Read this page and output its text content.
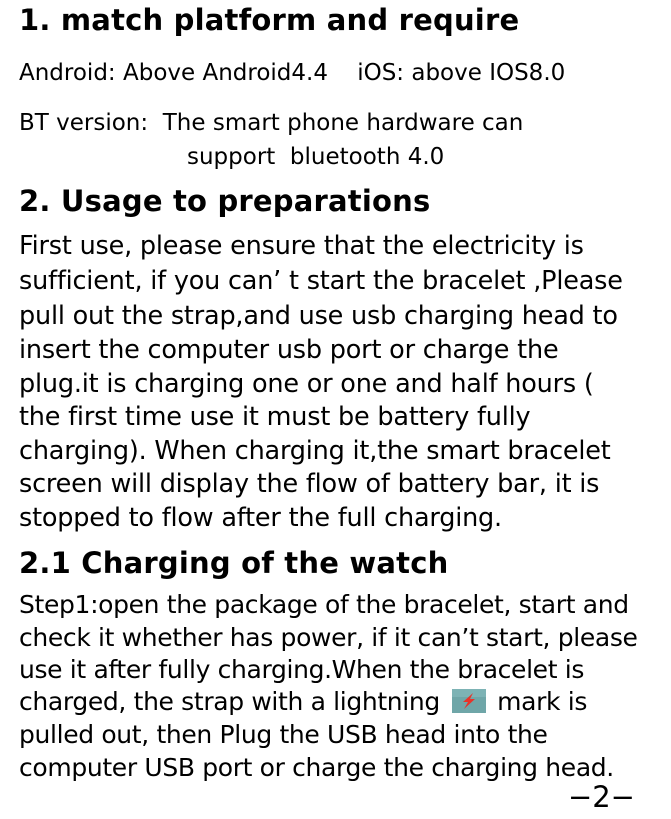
1. match platform and require
Android: Above Android4.4    iOS: above IOS8.0
BT version:  The smart phone hardware can
support  bluetooth 4.0
2. Usage to preparations
First use, please ensure that the electricity is
sufficient, if you can’ t start the bracelet ,Please
pull out the strap,and use usb charging head to
insert the computer usb port or charge the
plug.it is charging one or one and half hours (
the first time use it must be battery fully
charging). When charging it,the smart bracelet
screen will display the flow of battery bar, it is
stopped to flow after the full charging.
2.1 Charging of the watch
Step1:open the package of the bracelet, start and
check it whether has power, if it can’t start, please
use it after fully charging.When the bracelet is
charged, the strap with a lightning mark is
pulled out, then Plug the USB head into the
computer USB port or charge the charging head.
−2−
